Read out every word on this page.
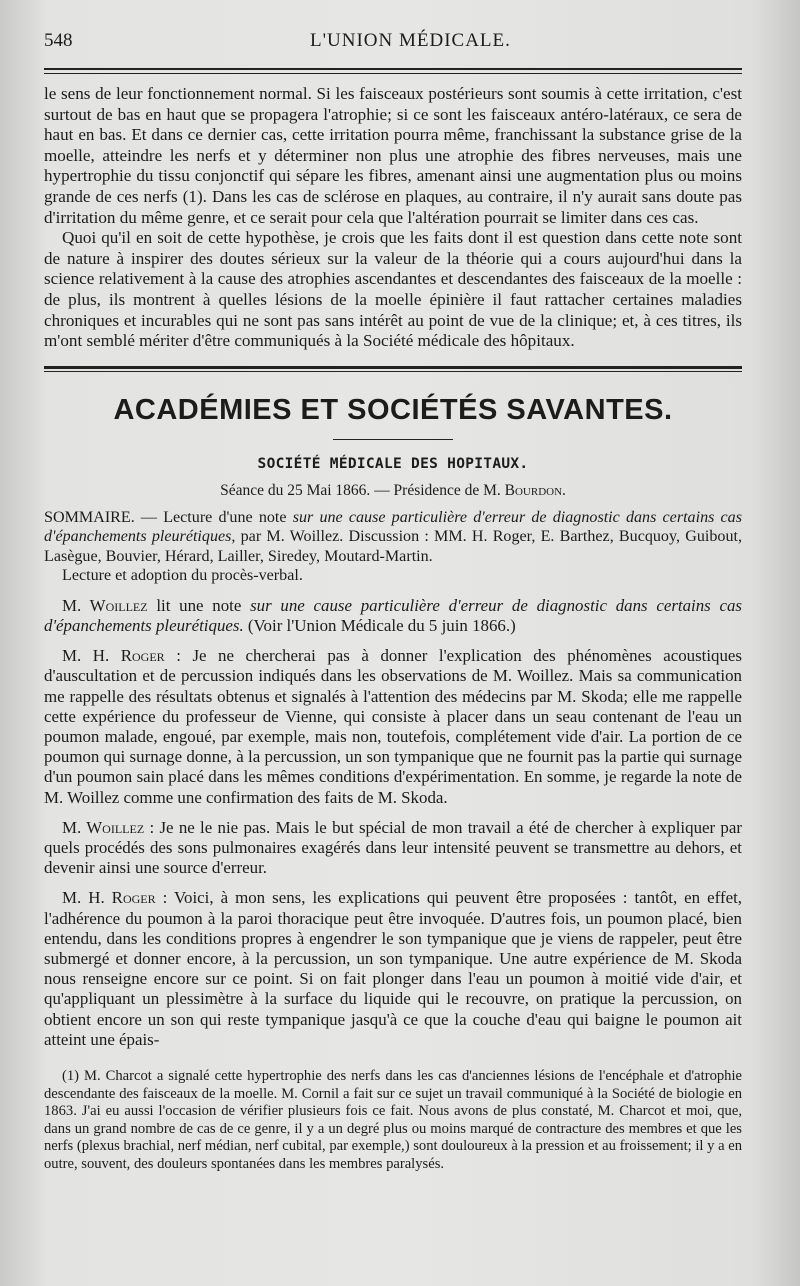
548	L'UNION MÉDICALE.

le sens de leur fonctionnement normal. Si les faisceaux postérieurs sont soumis à cette irritation, c'est surtout de bas en haut que se propagera l'atrophie; si ce sont les faisceaux antéro-latéraux, ce sera de haut en bas. Et dans ce dernier cas, cette irritation pourra même, franchissant la substance grise de la moelle, atteindre les nerfs et y déterminer non plus une atrophie des fibres nerveuses, mais une hypertrophie du tissu conjonctif qui sépare les fibres, amenant ainsi une augmentation plus ou moins grande de ces nerfs (1). Dans les cas de sclérose en plaques, au contraire, il n'y aurait sans doute pas d'irritation du même genre, et ce serait pour cela que l'altération pourrait se limiter dans ces cas.

Quoi qu'il en soit de cette hypothèse, je crois que les faits dont il est question dans cette note sont de nature à inspirer des doutes sérieux sur la valeur de la théorie qui a cours aujourd'hui dans la science relativement à la cause des atrophies ascendantes et descendantes des faisceaux de la moelle : de plus, ils montrent à quelles lésions de la moelle épinière il faut rattacher certaines maladies chroniques et incurables qui ne sont pas sans intérêt au point de vue de la clinique; et, à ces titres, ils m'ont semblé mériter d'être communiqués à la Société médicale des hôpitaux.

ACADÉMIES ET SOCIÉTÉS SAVANTES.
SOCIÉTÉ MÉDICALE DES HOPITAUX.
Séance du 25 Mai 1866. — Présidence de M. Bourdon.

SOMMAIRE. — Lecture d'une note sur une cause particulière d'erreur de diagnostic dans certains cas d'épanchements pleurétiques, par M. Woillez. Discussion : MM. H. Roger, E. Barthez, Bucquoy, Guibout, Lasègue, Bouvier, Hérard, Lailler, Siredey, Moutard-Martin.

Lecture et adoption du procès-verbal.

M. Woillez lit une note sur une cause particulière d'erreur de diagnostic dans certains cas d'épanchements pleurétiques. (Voir l'Union Médicale du 5 juin 1866.)

M. H. Roger : Je ne chercherai pas à donner l'explication des phénomènes acoustiques d'auscultation et de percussion indiqués dans les observations de M. Woillez. Mais sa communication me rappelle des résultats obtenus et signalés à l'attention des médecins par M. Skoda; elle me rappelle cette expérience du professeur de Vienne, qui consiste à placer dans un seau contenant de l'eau un poumon malade, engoué, par exemple, mais non, toutefois, complétement vide d'air. La portion de ce poumon qui surnage donne, à la percussion, un son tympanique que ne fournit pas la partie qui surnage d'un poumon sain placé dans les mêmes conditions d'expérimentation. En somme, je regarde la note de M. Woillez comme une confirmation des faits de M. Skoda.

M. Woillez : Je ne le nie pas. Mais le but spécial de mon travail a été de chercher à expliquer par quels procédés des sons pulmonaires exagérés dans leur intensité peuvent se transmettre au dehors, et devenir ainsi une source d'erreur.

M. H. Roger : Voici, à mon sens, les explications qui peuvent être proposées : tantôt, en effet, l'adhérence du poumon à la paroi thoracique peut être invoquée. D'autres fois, un poumon placé, bien entendu, dans les conditions propres à engendrer le son tympanique que je viens de rappeler, peut être submergé et donner encore, à la percussion, un son tympanique. Une autre expérience de M. Skoda nous renseigne encore sur ce point. Si on fait plonger dans l'eau un poumon à moitié vide d'air, et qu'appliquant un plessimètre à la surface du liquide qui le recouvre, on pratique la percussion, on obtient encore un son qui reste tympanique jasqu'à ce que la couche d'eau qui baigne le poumon ait atteint une épais-

(1) M. Charcot a signalé cette hypertrophie des nerfs dans les cas d'anciennes lésions de l'encéphale et d'atrophie descendante des faisceaux de la moelle. M. Cornil a fait sur ce sujet un travail communiqué à la Société de biologie en 1863. J'ai eu aussi l'occasion de vérifier plusieurs fois ce fait. Nous avons de plus constaté, M. Charcot et moi, que, dans un grand nombre de cas de ce genre, il y a un degré plus ou moins marqué de contracture des membres et que les nerfs (plexus brachial, nerf médian, nerf cubital, par exemple,) sont douloureux à la pression et au froissement; il y a en outre, souvent, des douleurs spontanées dans les membres paralysés.
